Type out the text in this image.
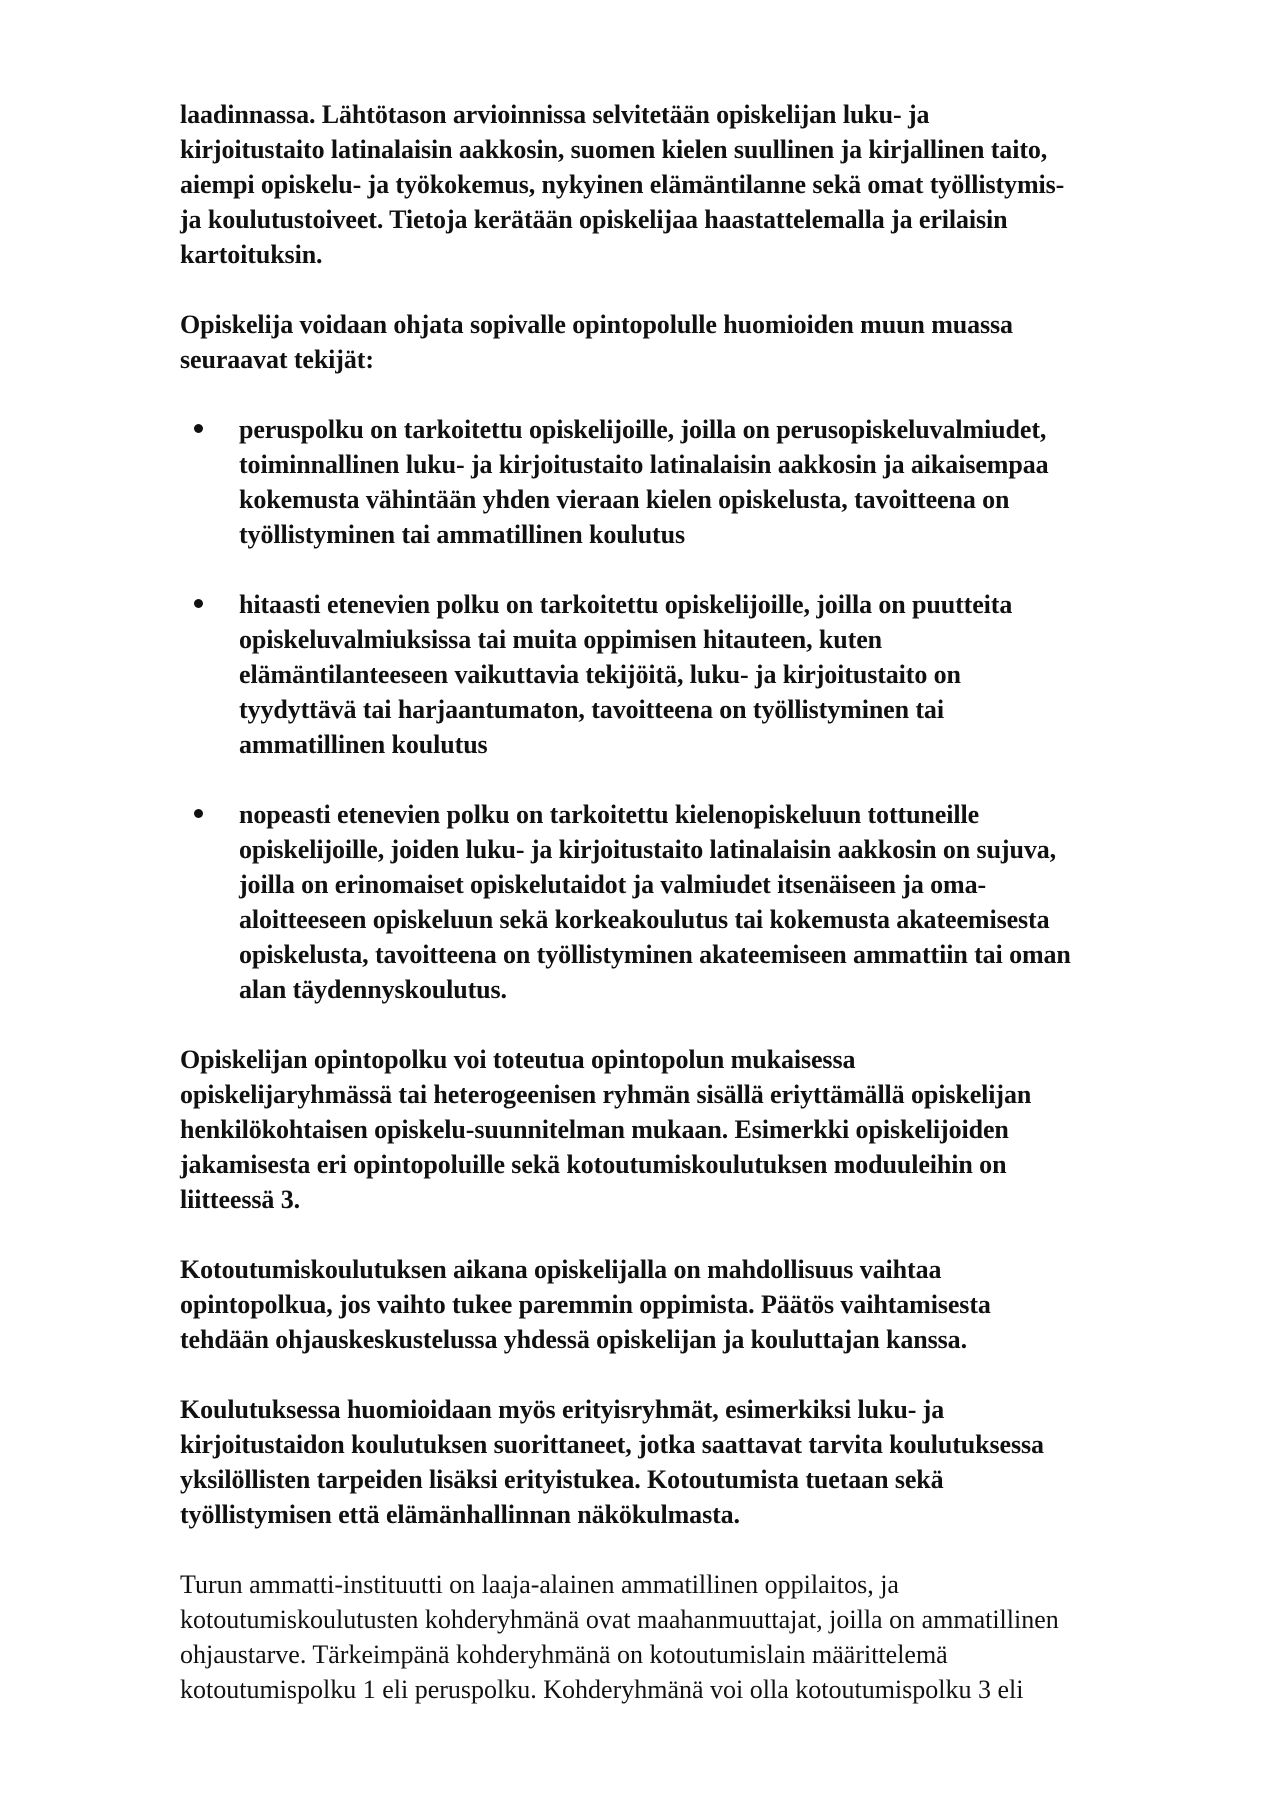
laadinnassa. Lähtötason arvioinnissa selvitetään opiskelijan luku- ja
kirjoitustaito latinalaisin aakkosin, suomen kielen suullinen ja kirjallinen taito,
aiempi opiskelu- ja työkokemus, nykyinen elämäntilanne sekä omat työllistymis-
ja koulutustoiveet. Tietoja kerätään opiskelijaa haastattelemalla ja erilaisin
kartoituksin.

Opiskelija voidaan ohjata sopivalle opintopolulle huomioiden muun muassa
seuraavat tekijät:

peruspolku on tarkoitettu opiskelijoille, joilla on perusopiskeluvalmiudet,
toiminnallinen luku- ja kirjoitustaito latinalaisin aakkosin ja aikaisempaa
kokemusta vähintään yhden vieraan kielen opiskelusta, tavoitteena on
työllistyminen tai ammatillinen koulutus
hitaasti etenevien polku on tarkoitettu opiskelijoille, joilla on puutteita
opiskeluvalmiuksissa tai muita oppimisen hitauteen, kuten
elämäntilanteeseen vaikuttavia tekijöitä, luku- ja kirjoitustaito on
tyydyttävä tai harjaantumaton, tavoitteena on työllistyminen tai
ammatillinen koulutus
nopeasti etenevien polku on tarkoitettu kielenopiskeluun tottuneille
opiskelijoille, joiden luku- ja kirjoitustaito latinalaisin aakkosin on sujuva,
joilla on erinomaiset opiskelutaidot ja valmiudet itsenäiseen ja oma-
aloitteeseen opiskeluun sekä korkeakoulutus tai kokemusta akateemisesta
opiskelusta, tavoitteena on työllistyminen akateemiseen ammattiin tai oman
alan täydennyskoulutus.

Opiskelijan opintopolku voi toteutua opintopolun mukaisessa
opiskelijaryhmässä tai heterogeenisen ryhmän sisällä eriyttämällä opiskelijan
henkilökohtaisen opiskelu-suunnitelman mukaan. Esimerkki opiskelijoiden
jakamisesta eri opintopoluille sekä kotoutumiskoulutuksen moduuleihin on
liitteessä 3.

Kotoutumiskoulutuksen aikana opiskelijalla on mahdollisuus vaihtaa
opintopolkua, jos vaihto tukee paremmin oppimista. Päätös vaihtamisesta
tehdään ohjauskeskustelussa yhdessä opiskelijan ja kouluttajan kanssa.

Koulutuksessa huomioidaan myös erityisryhmät, esimerkiksi luku- ja
kirjoitustaidon koulutuksen suorittaneet, jotka saattavat tarvita koulutuksessa
yksilöllisten tarpeiden lisäksi erityistukea. Kotoutumista tuetaan sekä
työllistymisen että elämänhallinnan näkökulmasta.

Turun ammatti-instituutti on laaja-alainen ammatillinen oppilaitos, ja
kotoutumiskoulutusten kohderyhmänä ovat maahanmuuttajat, joilla on ammatillinen
ohjaustarve. Tärkeimpänä kohderyhmänä on kotoutumislain määrittelemä
kotoutumispolku 1 eli peruspolku. Kohderyhmänä voi olla kotoutumispolku 3 eli
